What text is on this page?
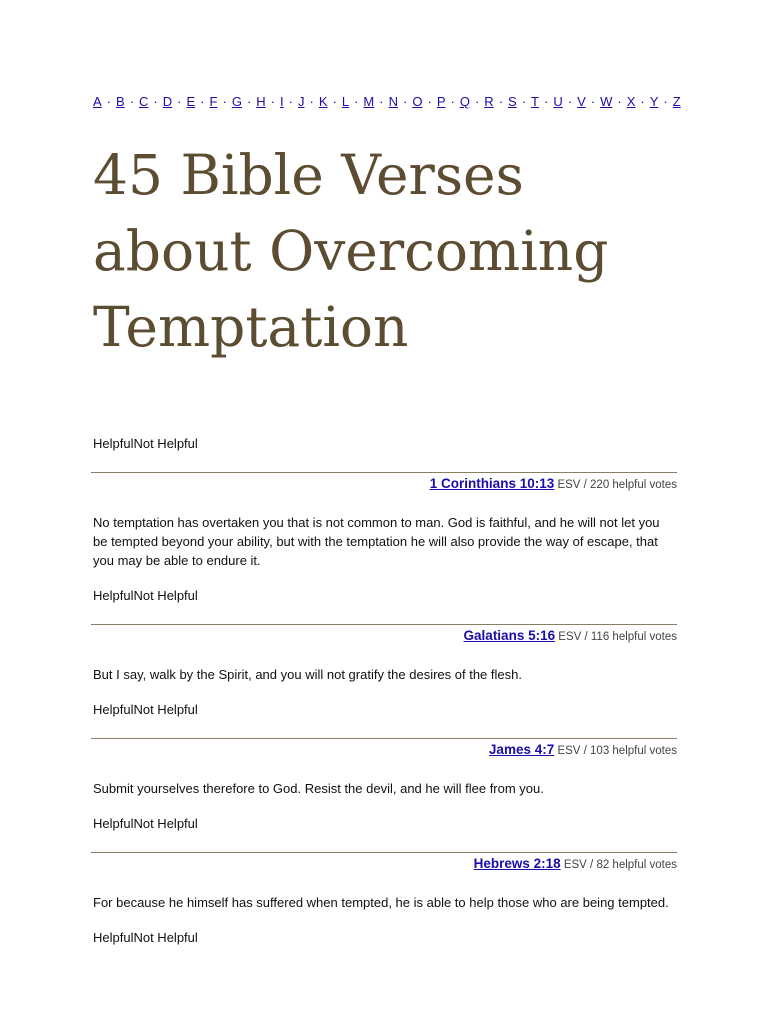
A · B · C · D · E · F · G · H · I · J · K · L · M · N · O · P · Q · R · S · T · U · V · W · X · Y · Z
45 Bible Verses about Overcoming Temptation
HelpfulNot Helpful
1 Corinthians 10:13 ESV / 220 helpful votes

No temptation has overtaken you that is not common to man. God is faithful, and he will not let you be tempted beyond your ability, but with the temptation he will also provide the way of escape, that you may be able to endure it.

HelpfulNot Helpful
Galatians 5:16 ESV / 116 helpful votes

But I say, walk by the Spirit, and you will not gratify the desires of the flesh.

HelpfulNot Helpful
James 4:7 ESV / 103 helpful votes

Submit yourselves therefore to God. Resist the devil, and he will flee from you.

HelpfulNot Helpful
Hebrews 2:18 ESV / 82 helpful votes

For because he himself has suffered when tempted, he is able to help those who are being tempted.

HelpfulNot Helpful
